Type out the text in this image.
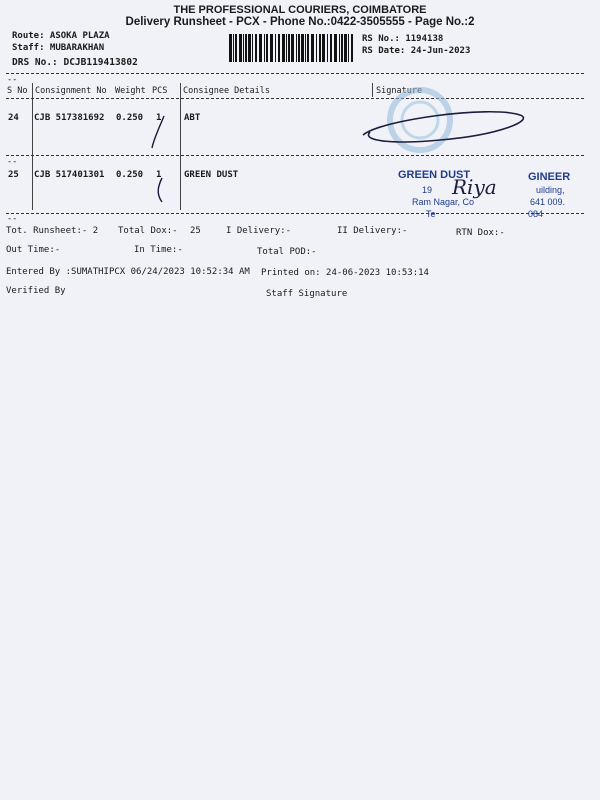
THE PROFESSIONAL COURIERS, COIMBATORE
Delivery Runsheet - PCX - Phone No.:0422-3505555 - Page No.:2
Route: ASOKA PLAZA
Staff: MUBARAKHAN
DRS No.: DCJB119413802
RS No.: 1194138
RS Date: 24-Jun-2023
--
S No Consignment No Weight PCS Consignee Details	Signature
24 CJB 517381692 0.250 1	ABT
--
25 CJB 517401301 0.250 1	GREEN DUST	GREEN DUST	GINEER
19	uilding,
Ram Nagar, Co	641 009.
Te	084
Riya
--
Tot. Runsheet:- 2 Total Dox:- 25	I Delivery:-	II Delivery:-	RTN Dox:-
Out Time:-	In Time:-	Total POD:-
Entered By :SUMATHIPCX 06/24/2023 10:52:34 AM Printed on: 24-06-2023 10:53:14
Verified By	Staff Signature
